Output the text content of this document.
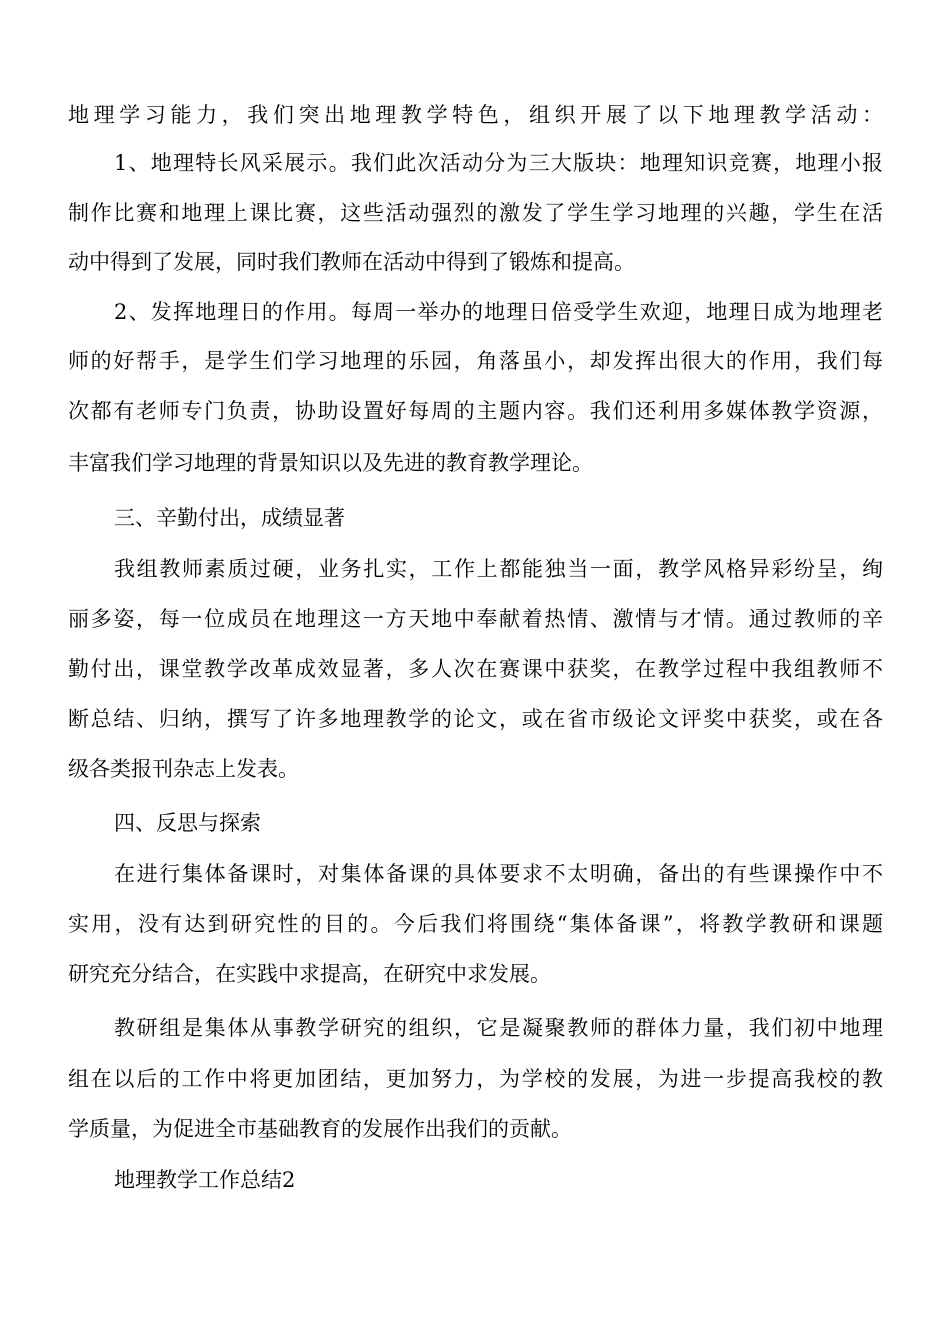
地理学习能力，我们突出地理教学特色，组织开展了以下地理教学活动：
1、地理特长风采展示。我们此次活动分为三大版块：地理知识竞赛，地理小报
制作比赛和地理上课比赛，这些活动强烈的激发了学生学习地理的兴趣，学生在活
动中得到了发展，同时我们教师在活动中得到了锻炼和提高。
2、发挥地理日的作用。每周一举办的地理日倍受学生欢迎，地理日成为地理老
师的好帮手，是学生们学习地理的乐园，角落虽小，却发挥出很大的作用，我们每
次都有老师专门负责，协助设置好每周的主题内容。我们还利用多媒体教学资源，
丰富我们学习地理的背景知识以及先进的教育教学理论。
三、辛勤付出，成绩显著
我组教师素质过硬，业务扎实，工作上都能独当一面，教学风格异彩纷呈，绚
丽多姿，每一位成员在地理这一方天地中奉献着热情、激情与才情。通过教师的辛
勤付出，课堂教学改革成效显著，多人次在赛课中获奖，在教学过程中我组教师不
断总结、归纳，撰写了许多地理教学的论文，或在省市级论文评奖中获奖，或在各
级各类报刊杂志上发表。
四、反思与探索
在进行集体备课时，对集体备课的具体要求不太明确，备出的有些课操作中不
实用，没有达到研究性的目的。今后我们将围绕“集体备课”，将教学教研和课题
研究充分结合，在实践中求提高，在研究中求发展。
教研组是集体从事教学研究的组织，它是凝聚教师的群体力量，我们初中地理
组在以后的工作中将更加团结，更加努力，为学校的发展，为进一步提高我校的教
学质量，为促进全市基础教育的发展作出我们的贡献。
地理教学工作总结2
